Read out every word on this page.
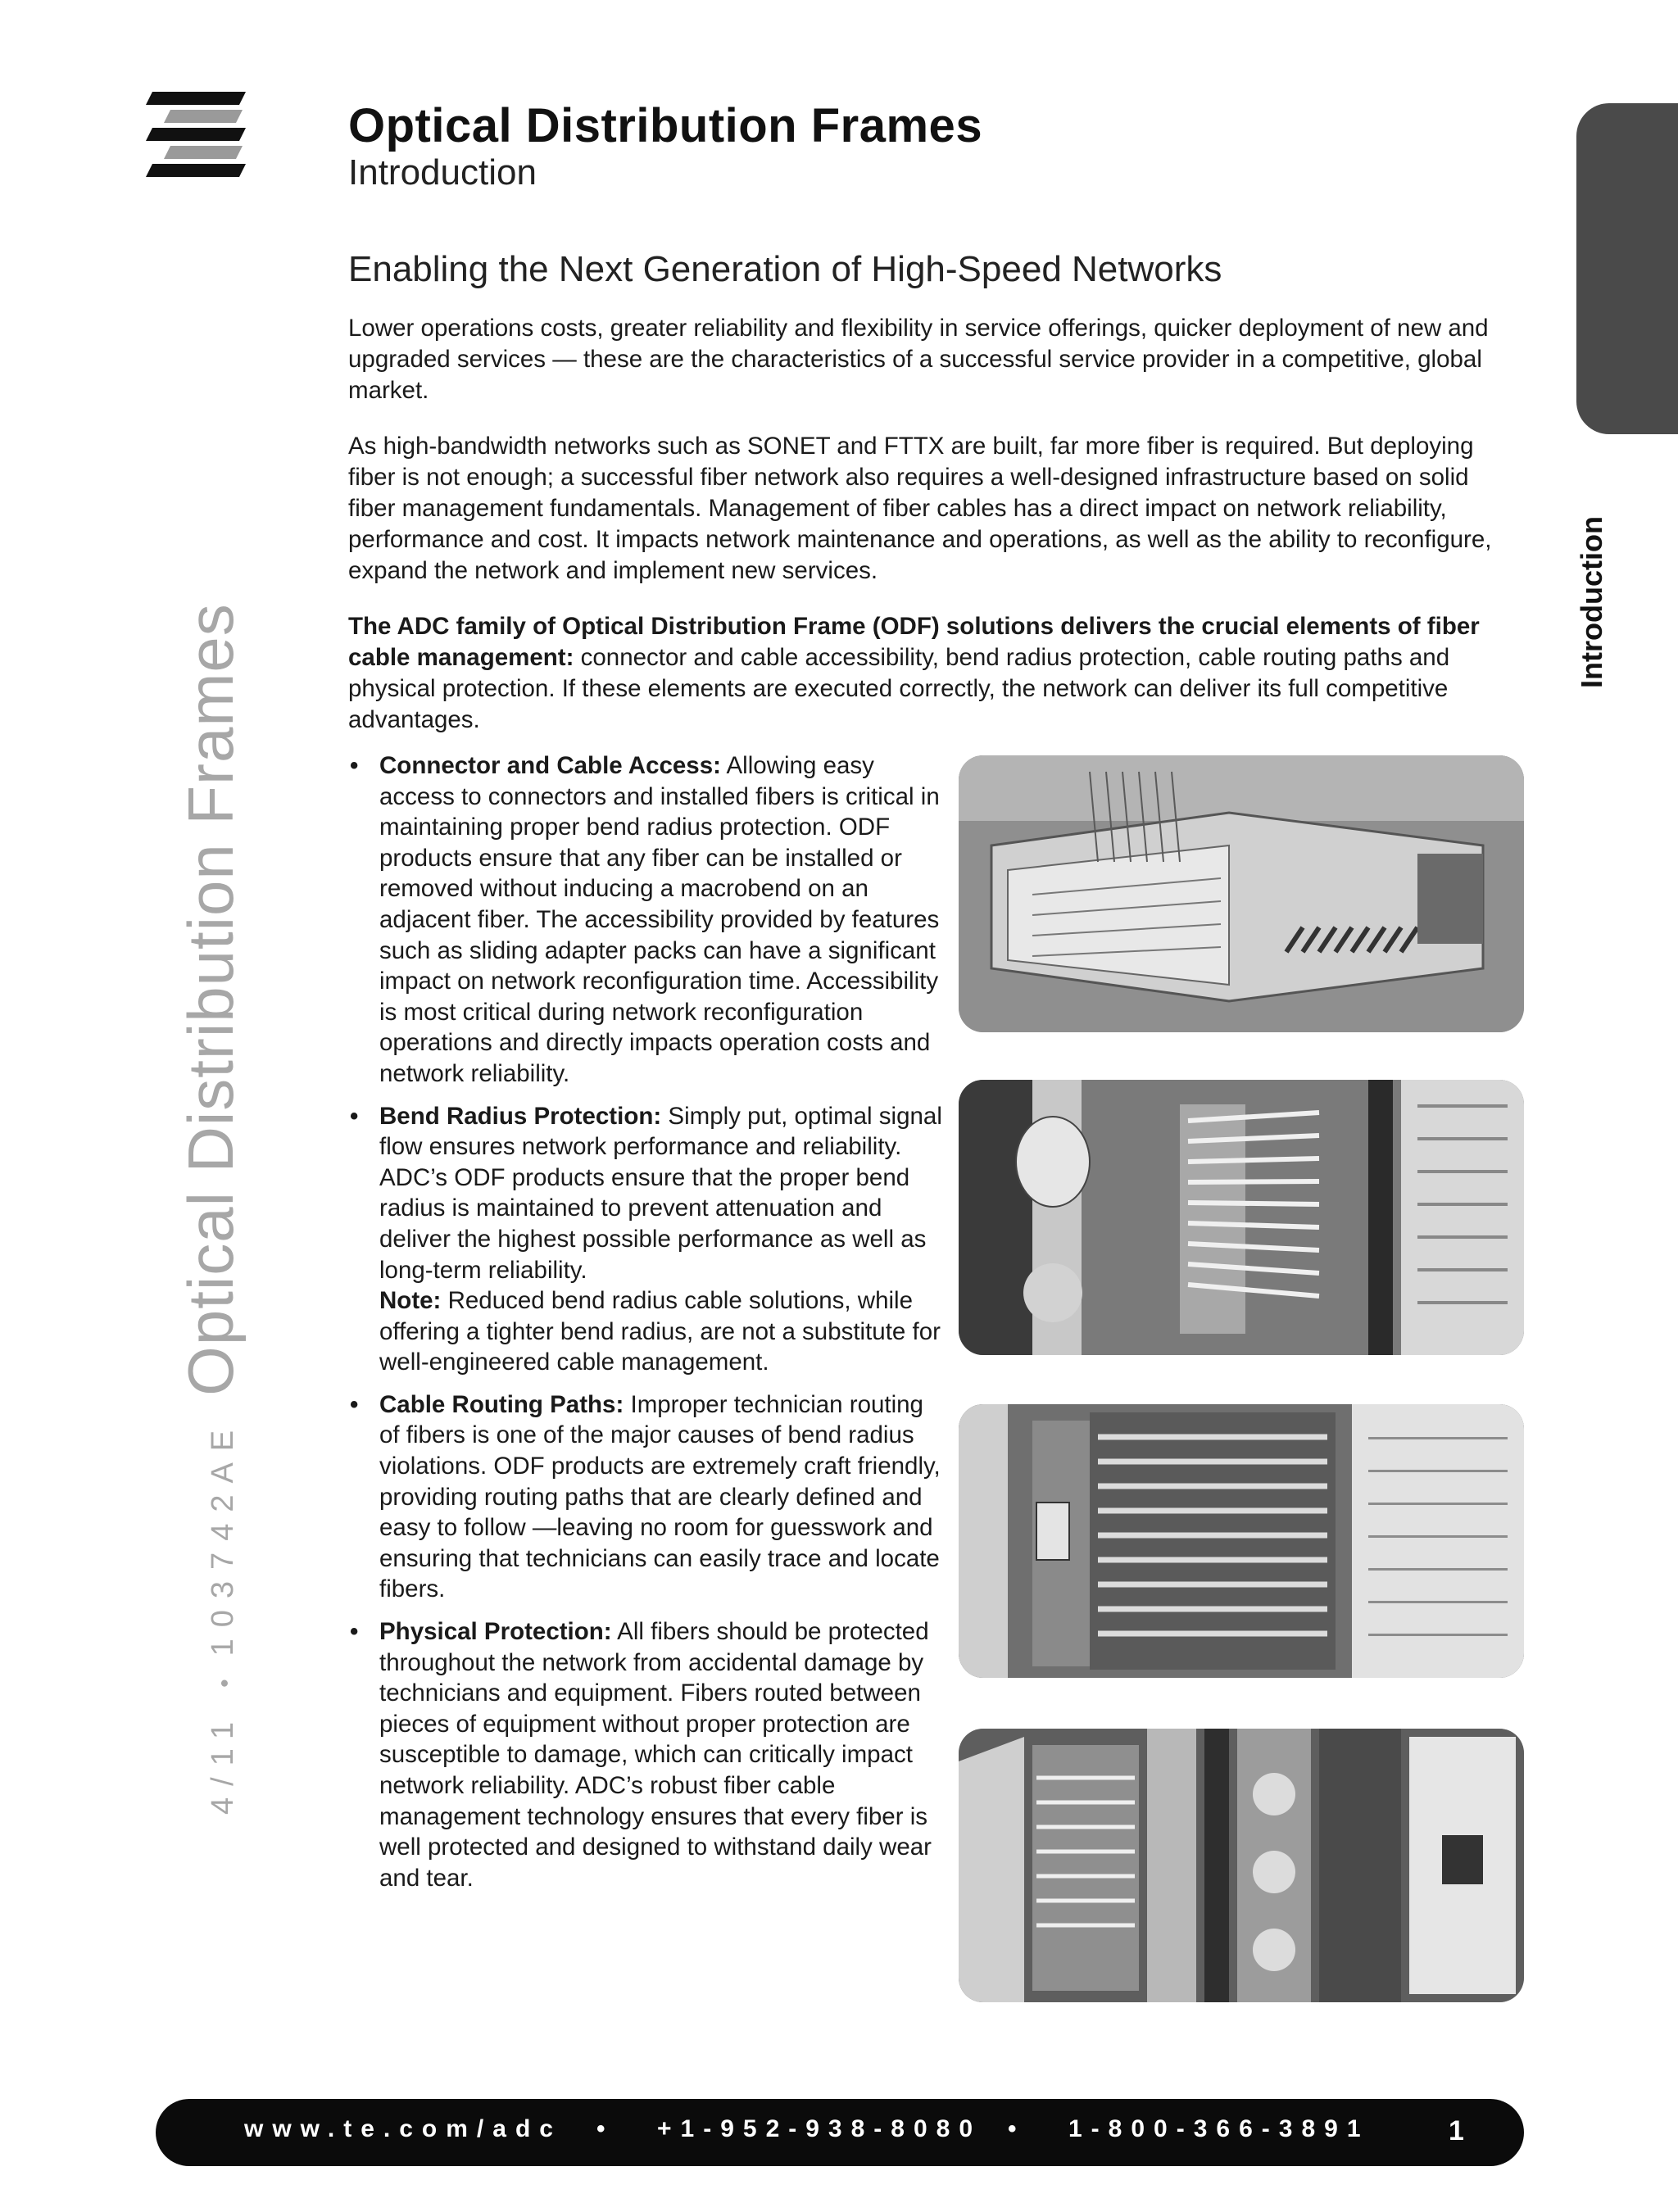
Optical Distribution Frames
Introduction
Introduction
4/11
•
103742AE
Optical Distribution Frames
Enabling the Next Generation of High-Speed Networks

Lower operations costs, greater reliability and flexibility in service offerings, quicker deployment of new and upgraded services — these are the characteristics of a successful service provider in a competitive, global market.

As high-bandwidth networks such as SONET and FTTX are built, far more fiber is required. But deploying fiber is not enough; a successful fiber network also requires a well-designed infrastructure based on solid fiber management fundamentals. Management of fiber cables has a direct impact on network reliability, performance and cost. It impacts network maintenance and operations, as well as the ability to reconfigure, expand the network and implement new services.

The ADC family of Optical Distribution Frame (ODF) solutions delivers the crucial elements of fiber cable management: connector and cable accessibility, bend radius protection, cable routing paths and physical protection. If these elements are executed correctly, the network can deliver its full competitive advantages.

• Connector and Cable Access: Allowing easy access to connectors and installed fibers is critical in maintaining proper bend radius protection. ODF products ensure that any fiber can be installed or removed without inducing a macrobend on an adjacent fiber. The accessibility provided by features such as sliding adapter packs can have a significant impact on network reconfiguration time. Accessibility is most critical during network reconfiguration operations and directly impacts operation costs and network reliability.
• Bend Radius Protection: Simply put, optimal signal flow ensures network performance and reliability. ADC’s ODF products ensure that the proper bend radius is maintained to prevent attenuation and deliver the highest possible performance as well as long-term reliability.
Note: Reduced bend radius cable solutions, while offering a tighter bend radius, are not a substitute for well-engineered cable management.
• Cable Routing Paths: Improper technician routing of fibers is one of the major causes of bend radius violations. ODF products are extremely craft friendly, providing routing paths that are clearly defined and easy to follow —leaving no room for guesswork and ensuring that technicians can easily trace and locate fibers.
• Physical Protection: All fibers should be protected throughout the network from accidental damage by technicians and equipment. Fibers routed between pieces of equipment without proper protection are susceptible to damage, which can critically impact network reliability. ADC’s robust fiber cable management technology ensures that every fiber is well protected and designed to withstand daily wear and tear.
www.te.com/adc • +1-952-938-8080 • 1-800-366-3891	1
